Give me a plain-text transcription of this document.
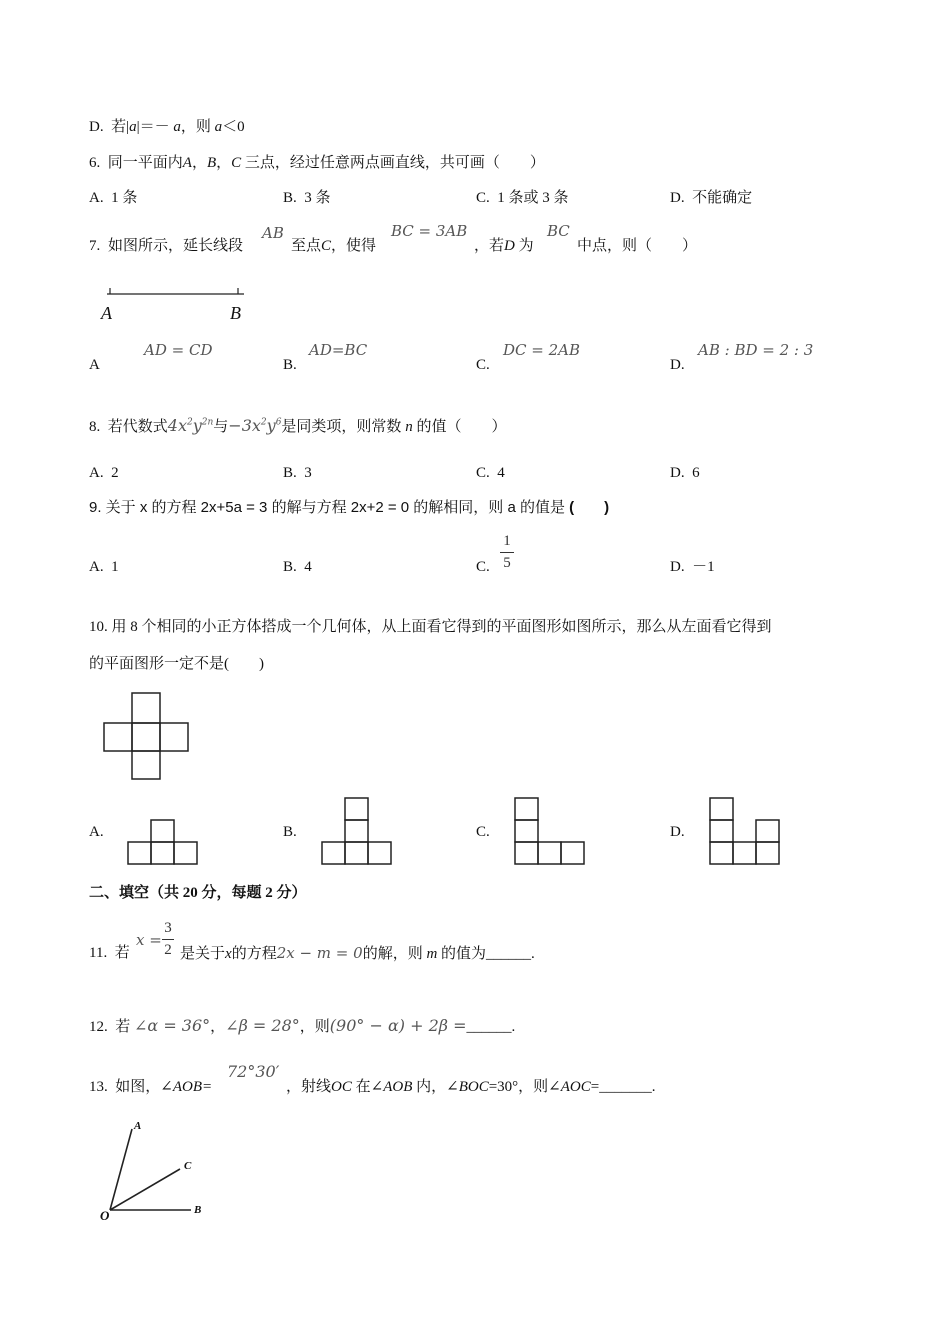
D. 若|a|＝－ a，则 a＜0
6. 同一平面内A，B，C 三点，经过任意两点画直线，共可画（　　）
A. 1 条	B. 3 条	C. 1 条或 3 条	D. 不能确定
7. 如图所示，延长线段
AB
至点C，使得
BC = 3AB
，若D 为
BC
中点，则（　　）
A	B
A
AD = CD
B.
AD=BC
C.
DC = 2AB
D.
AB : BD = 2 : 3
8. 若代数式$4x^2y^{2n}$与$-3x^2y^6$是同类项，则常数 n 的值（　　）
A. 2	B. 3	C. 4	D. 6
9. 关于 x 的方程 2x+5a = 3 的解与方程 2x+2 = 0 的解相同，则 a 的值是 (　　)
A. 1	B. 4	C.
1
5	D. －1
10. 用 8 个相同的小正方体搭成一个几何体，从上面看它得到的平面图形如图所示，那么从左面看它得到
的平面图形一定不是(　　)
A.	B.	C.	D.
二、填空（共 20 分，每题 2 分）
11. 若
x =
3
2 是关于x的方程2x − m = 0的解，则 m 的值为______.
12. 若 ∠α = 36°，∠β = 28°，则(90° − α) + 2β =______.
13. 如图，∠AOB=
72°30′
，射线OC 在∠AOB 内，∠BOC=30°，则∠AOC=_______.
A
C
O	B
